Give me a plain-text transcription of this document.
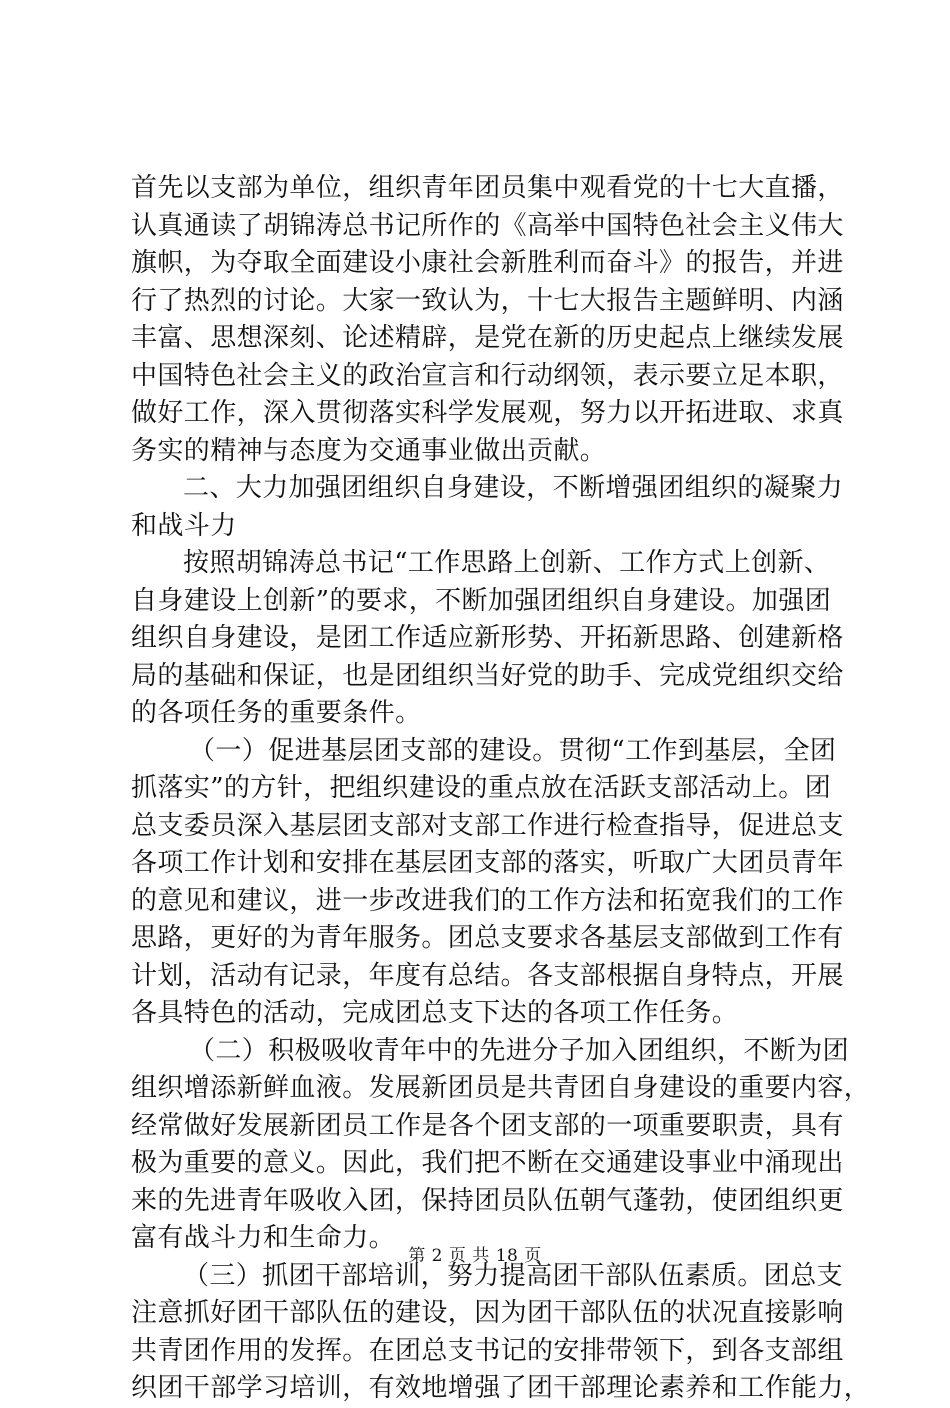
首先以支部为单位，组织青年团员集中观看党的十七大直播，
认真通读了胡锦涛总书记所作的《高举中国特色社会主义伟大
旗帜，为夺取全面建设小康社会新胜利而奋斗》的报告，并进
行了热烈的讨论。大家一致认为，十七大报告主题鲜明、内涵
丰富、思想深刻、论述精辟，是党在新的历史起点上继续发展
中国特色社会主义的政治宣言和行动纲领，表示要立足本职，
做好工作，深入贯彻落实科学发展观，努力以开拓进取、求真
务实的精神与态度为交通事业做出贡献。
二、大力加强团组织自身建设，不断增强团组织的凝聚力
和战斗力
按照胡锦涛总书记“工作思路上创新、工作方式上创新、
自身建设上创新”的要求，不断加强团组织自身建设。加强团
组织自身建设，是团工作适应新形势、开拓新思路、创建新格
局的基础和保证，也是团组织当好党的助手、完成党组织交给
的各项任务的重要条件。
（一）促进基层团支部的建设。贯彻“工作到基层，全团
抓落实”的方针，把组织建设的重点放在活跃支部活动上。团
总支委员深入基层团支部对支部工作进行检查指导，促进总支
各项工作计划和安排在基层团支部的落实，听取广大团员青年
的意见和建议，进一步改进我们的工作方法和拓宽我们的工作
思路，更好的为青年服务。团总支要求各基层支部做到工作有
计划，活动有记录，年度有总结。各支部根据自身特点，开展
各具特色的活动，完成团总支下达的各项工作任务。
（二）积极吸收青年中的先进分子加入团组织，不断为团
组织增添新鲜血液。发展新团员是共青团自身建设的重要内容，
经常做好发展新团员工作是各个团支部的一项重要职责，具有
极为重要的意义。因此，我们把不断在交通建设事业中涌现出
来的先进青年吸收入团，保持团员队伍朝气蓬勃，使团组织更
富有战斗力和生命力。
（三）抓团干部培训，努力提高团干部队伍素质。团总支
注意抓好团干部队伍的建设，因为团干部队伍的状况直接影响
共青团作用的发挥。在团总支书记的安排带领下，到各支部组
织团干部学习培训，有效地增强了团干部理论素养和工作能力，
第 2 页 共 18 页
